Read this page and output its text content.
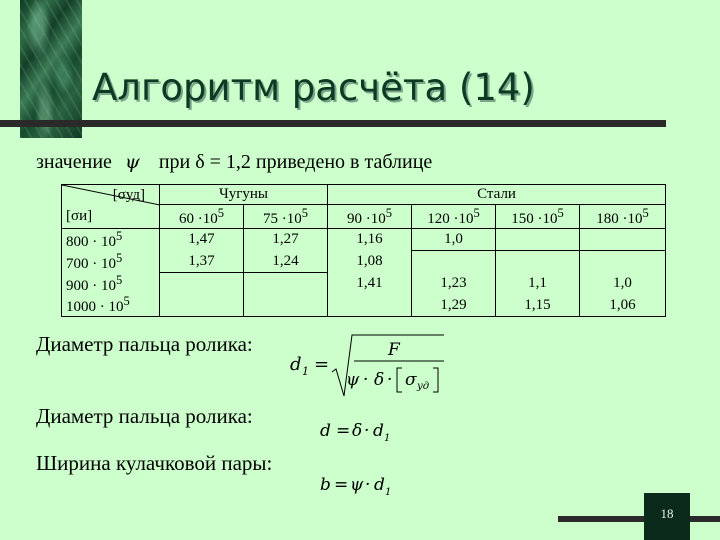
Алгоритм расчёта (14)
значение ψ при δ = 1,2 приведено в таблице
[σуд]
[σи]	Чугуны		Стали			
	$60 \cdot 10^5$	$75 \cdot 10^5$	$90 \cdot 10^5$	$120 \cdot 10^5$	$150 \cdot 10^5$	$180 \cdot 10^5$
$800 \cdot 10^5$	1,47	1,27	1,16	1,0		
$700 \cdot 10^5$	1,37	1,24	1,08			
$900 \cdot 10^5$			1,41	1,23	1,1	1,0
$1000 \cdot 10^5$				1,29	1,15	1,06
Диаметр пальца ролика:
d 1 =
F
ψ · δ · σ уд
Диаметр пальца ролика:
d = δ · d 1
Ширина кулачковой пары:
b = ψ · d 1
18
